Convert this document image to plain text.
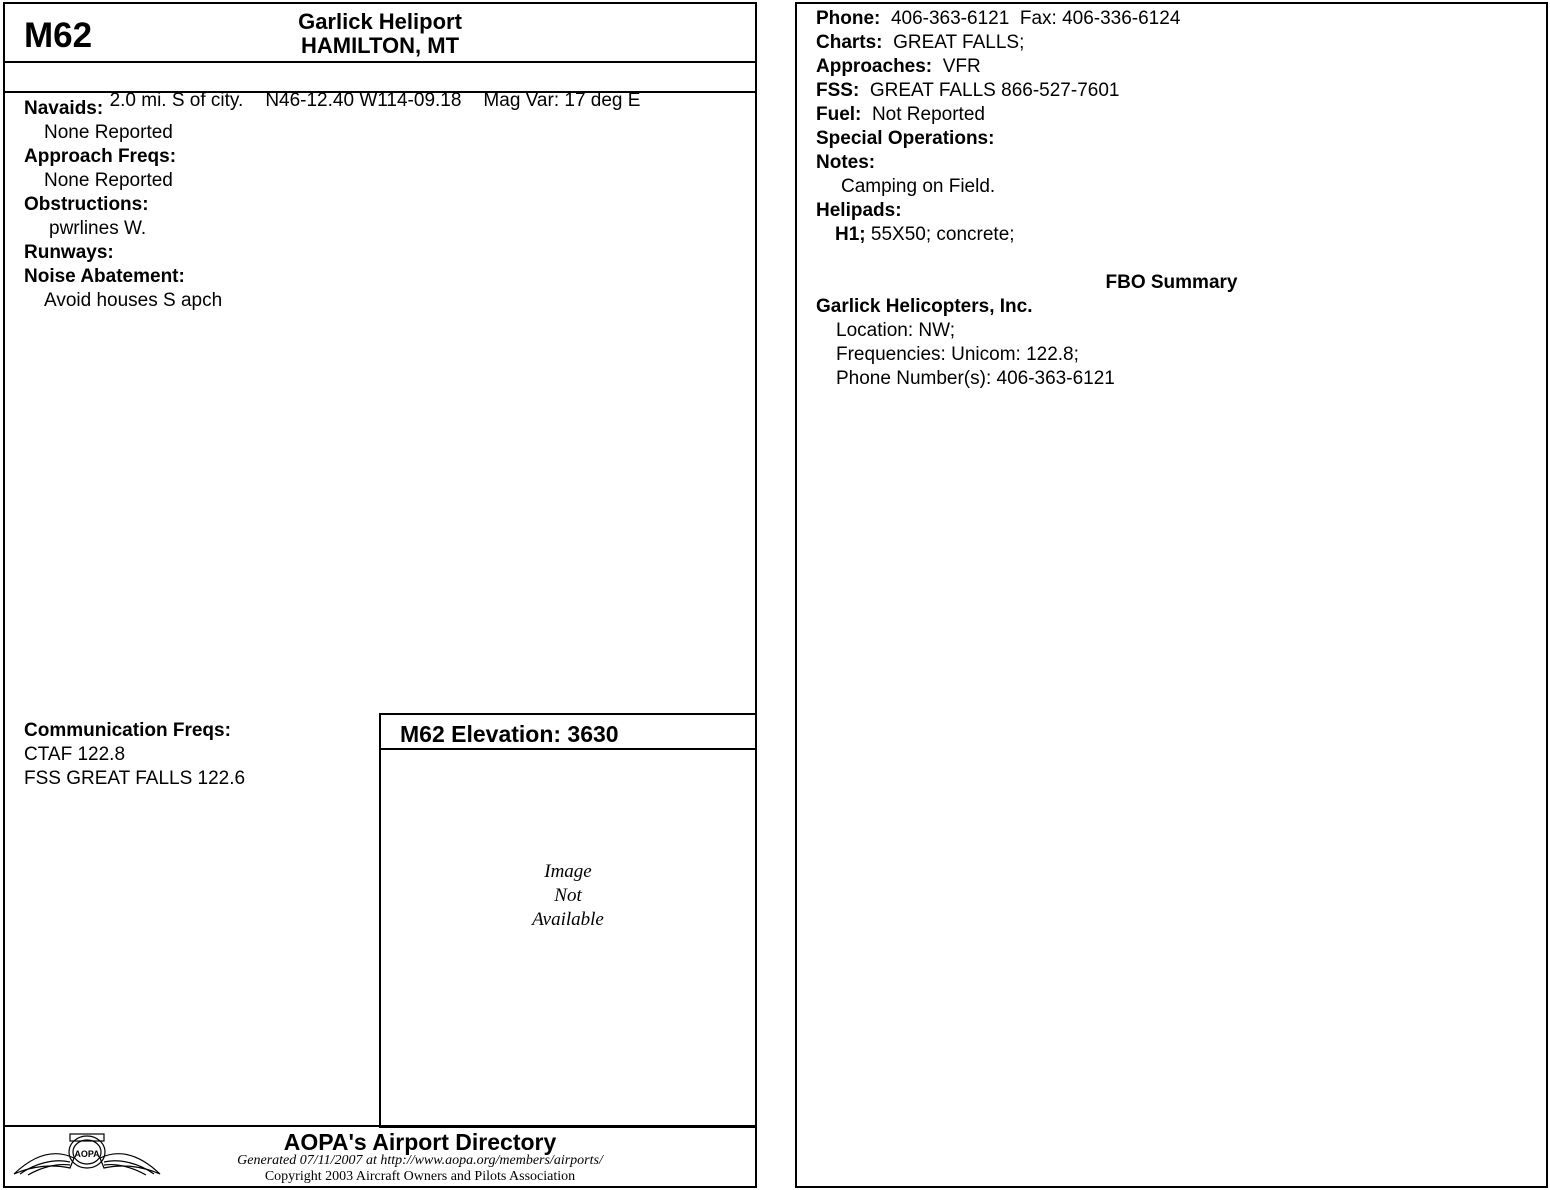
M62	Garlick Heliport
HAMILTON, MT

2.0 mi. S of city. N46-12.40 W114-09.18 Mag Var: 17 deg E

Navaids:
None Reported
Approach Freqs:
None Reported
Obstructions:
pwrlines W.
Runways:
Noise Abatement:
Avoid houses S apch
Communication Freqs:
CTAF 122.8
FSS GREAT FALLS 122.6
M62 Elevation: 3630
Image
Not
Available
AOPA	AOPA's Airport Directory
Generated 07/11/2007 at http://www.aopa.org/members/airports/
Copyright 2003 Aircraft Owners and Pilots Association
Phone: 406-363-6121  Fax: 406-336-6124
Charts: GREAT FALLS;
Approaches: VFR
FSS: GREAT FALLS 866-527-7601
Fuel: Not Reported
Special Operations:
Notes:
Camping on Field.
Helipads:
H1; 55X50; concrete;
FBO Summary
Garlick Helicopters, Inc.
Location: NW;
Frequencies: Unicom: 122.8;
Phone Number(s): 406-363-6121
